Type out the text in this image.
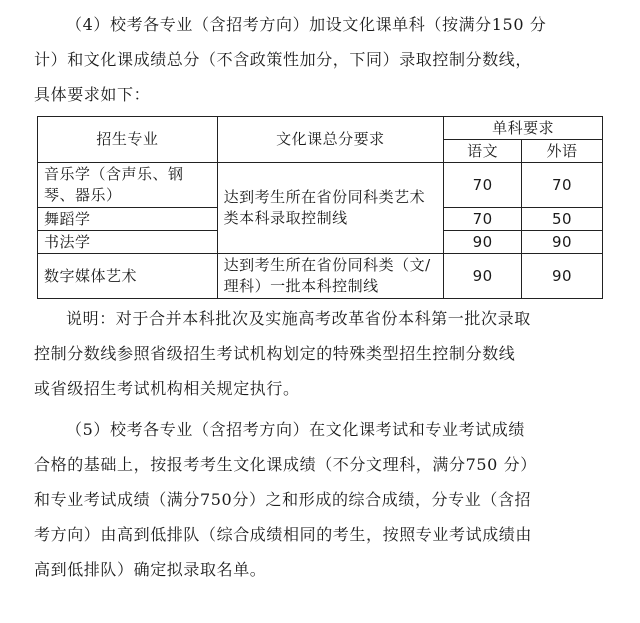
（4）校考各专业（含招考方向）加设文化课单科（按满分150 分
计）和文化课成绩总分（不含政策性加分，下同）录取控制分数线，
具体要求如下：

招生专业	文化课总分要求	单科要求	
		语文	外语
音乐学（含声乐、钢琴、器乐）	达到考生所在省份同科类艺术类本科录取控制线	70	70
舞蹈学		70	50
书法学		90	90
数字媒体艺术	达到考生所在省份同科类（文/理科）一批本科控制线	90	90

说明：对于合并本科批次及实施高考改革省份本科第一批次录取
控制分数线参照省级招生考试机构划定的特殊类型招生控制分数线
或省级招生考试机构相关规定执行。

（5）校考各专业（含招考方向）在文化课考试和专业考试成绩
合格的基础上，按报考考生文化课成绩（不分文理科，满分750 分）
和专业考试成绩（满分750分）之和形成的综合成绩，分专业（含招
考方向）由高到低排队（综合成绩相同的考生，按照专业考试成绩由
高到低排队）确定拟录取名单。
